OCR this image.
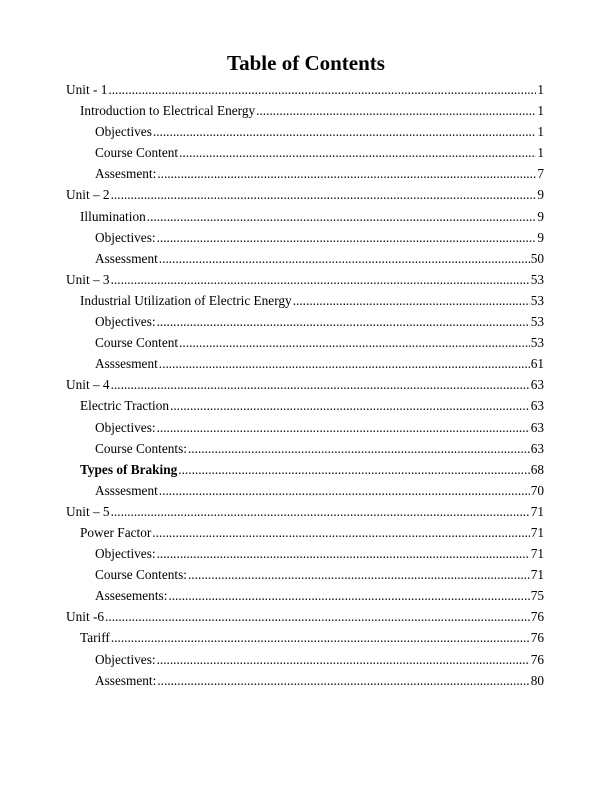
Table of Contents
Unit - 1 .....	1
Introduction to Electrical Energy .....	1
Objectives .....	1
Course Content .....	1
Assesment: .....	7
Unit – 2 .....	9
Illumination .....	9
Objectives: .....	9
Assessment .....	50
Unit – 3 .....	53
Industrial Utilization of Electric Energy .....	53
Objectives: .....	53
Course Content .....	53
Asssesment .....	61
Unit – 4 .....	63
Electric Traction .....	63
Objectives: .....	63
Course Contents: .....	63
Types of Braking .....	68
Asssesment .....	70
Unit – 5 .....	71
Power Factor .....	71
Objectives: .....	71
Course Contents: .....	71
Assesements: .....	75
Unit -6 .....	76
Tariff .....	76
Objectives: .....	76
Assesment: .....	80
